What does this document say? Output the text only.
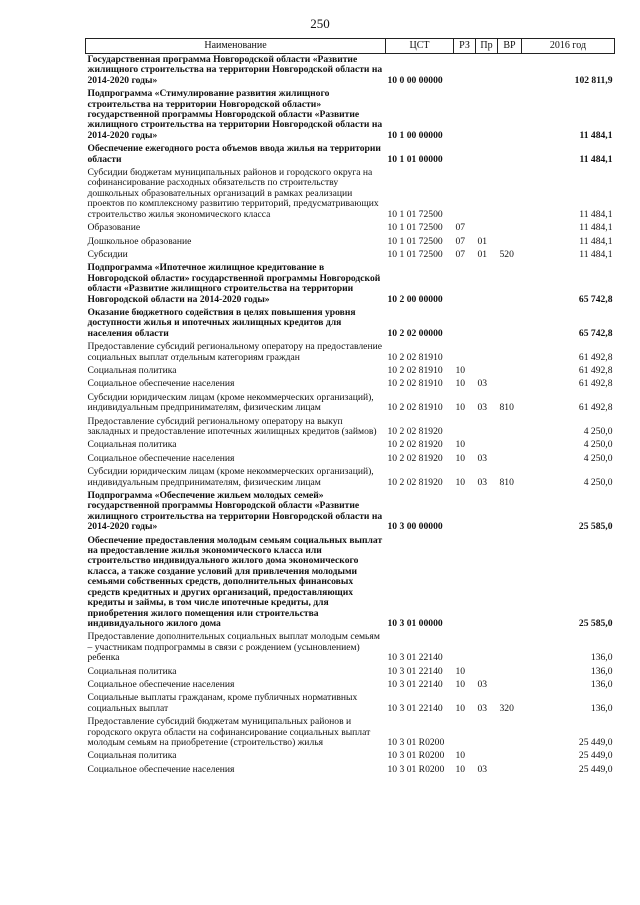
250
Наименование	ЦСТ	РЗ	Пр	ВР	2016 год
Государственная программа Новгородской области «Развитие жилищного строительства на территории Новгородской области на 2014-2020 годы»	10 0 00 00000				102 811,9
Подпрограмма «Стимулирование развития жилищного строительства на территории Новгородской области» государственной программы Новгородской области «Развитие жилищного строительства на территории Новгородской области на 2014-2020 годы»	10 1 00 00000				11 484,1
Обеспечение ежегодного роста объемов ввода жилья на территории области	10 1 01 00000				11 484,1
Субсидии бюджетам муниципальных районов и городского округа на софинансирование расходных обязательств по строительству дошкольных образовательных организаций в рамках реализации проектов по комплексному развитию территорий, предусматривающих строительство жилья экономического класса	10 1 01 72500				11 484,1
Образование	10 1 01 72500	07			11 484,1
Дошкольное образование	10 1 01 72500	07	01		11 484,1
Субсидии	10 1 01 72500	07	01	520	11 484,1
Подпрограмма «Ипотечное жилищное кредитование в Новгородской области» государственной программы Новгородской области «Развитие жилищного строительства на территории Новгородской области на 2014-2020 годы»	10 2 00 00000				65 742,8
Оказание бюджетного содействия в целях повышения уровня доступности жилья и ипотечных жилищных кредитов для населения области	10 2 02 00000				65 742,8
Предоставление субсидий региональному оператору на предоставление социальных выплат отдельным категориям граждан	10 2 02 81910				61 492,8
Социальная политика	10 2 02 81910	10			61 492,8
Социальное обеспечение населения	10 2 02 81910	10	03		61 492,8
Субсидии юридическим лицам (кроме некоммерческих организаций), индивидуальным предпринимателям, физическим лицам	10 2 02 81910	10	03	810	61 492,8
Предоставление субсидий региональному оператору на выкуп закладных и предоставление ипотечных жилищных кредитов (займов)	10 2 02 81920				4 250,0
Социальная политика	10 2 02 81920	10			4 250,0
Социальное обеспечение населения	10 2 02 81920	10	03		4 250,0
Субсидии юридическим лицам (кроме некоммерческих организаций), индивидуальным предпринимателям, физическим лицам	10 2 02 81920	10	03	810	4 250,0
Подпрограмма «Обеспечение жильем молодых семей» государственной программы Новгородской области «Развитие жилищного строительства на территории Новгородской области на 2014-2020 годы»	10 3 00 00000				25 585,0
Обеспечение предоставления молодым семьям социальных выплат на предоставление жилья экономического класса или строительство индивидуального жилого дома экономического класса, а также создание условий для привлечения молодыми семьями собственных средств, дополнительных финансовых средств кредитных и других организаций, предоставляющих кредиты и займы, в том числе ипотечные кредиты, для приобретения жилого помещения или строительства индивидуального жилого дома	10 3 01 00000				25 585,0
Предоставление дополнительных социальных выплат молодым семьям – участникам подпрограммы в связи с рождением (усыновлением) ребенка	10 3 01 22140				136,0
Социальная политика	10 3 01 22140	10			136,0
Социальное обеспечение населения	10 3 01 22140	10	03		136,0
Социальные выплаты гражданам, кроме публичных нормативных социальных выплат	10 3 01 22140	10	03	320	136,0
Предоставление субсидий бюджетам муниципальных районов и городского округа области на софинансирование социальных выплат молодым семьям на приобретение (строительство) жилья	10 3 01 R0200				25 449,0
Социальная политика	10 3 01 R0200	10			25 449,0
Социальное обеспечение населения	10 3 01 R0200	10	03		25 449,0
